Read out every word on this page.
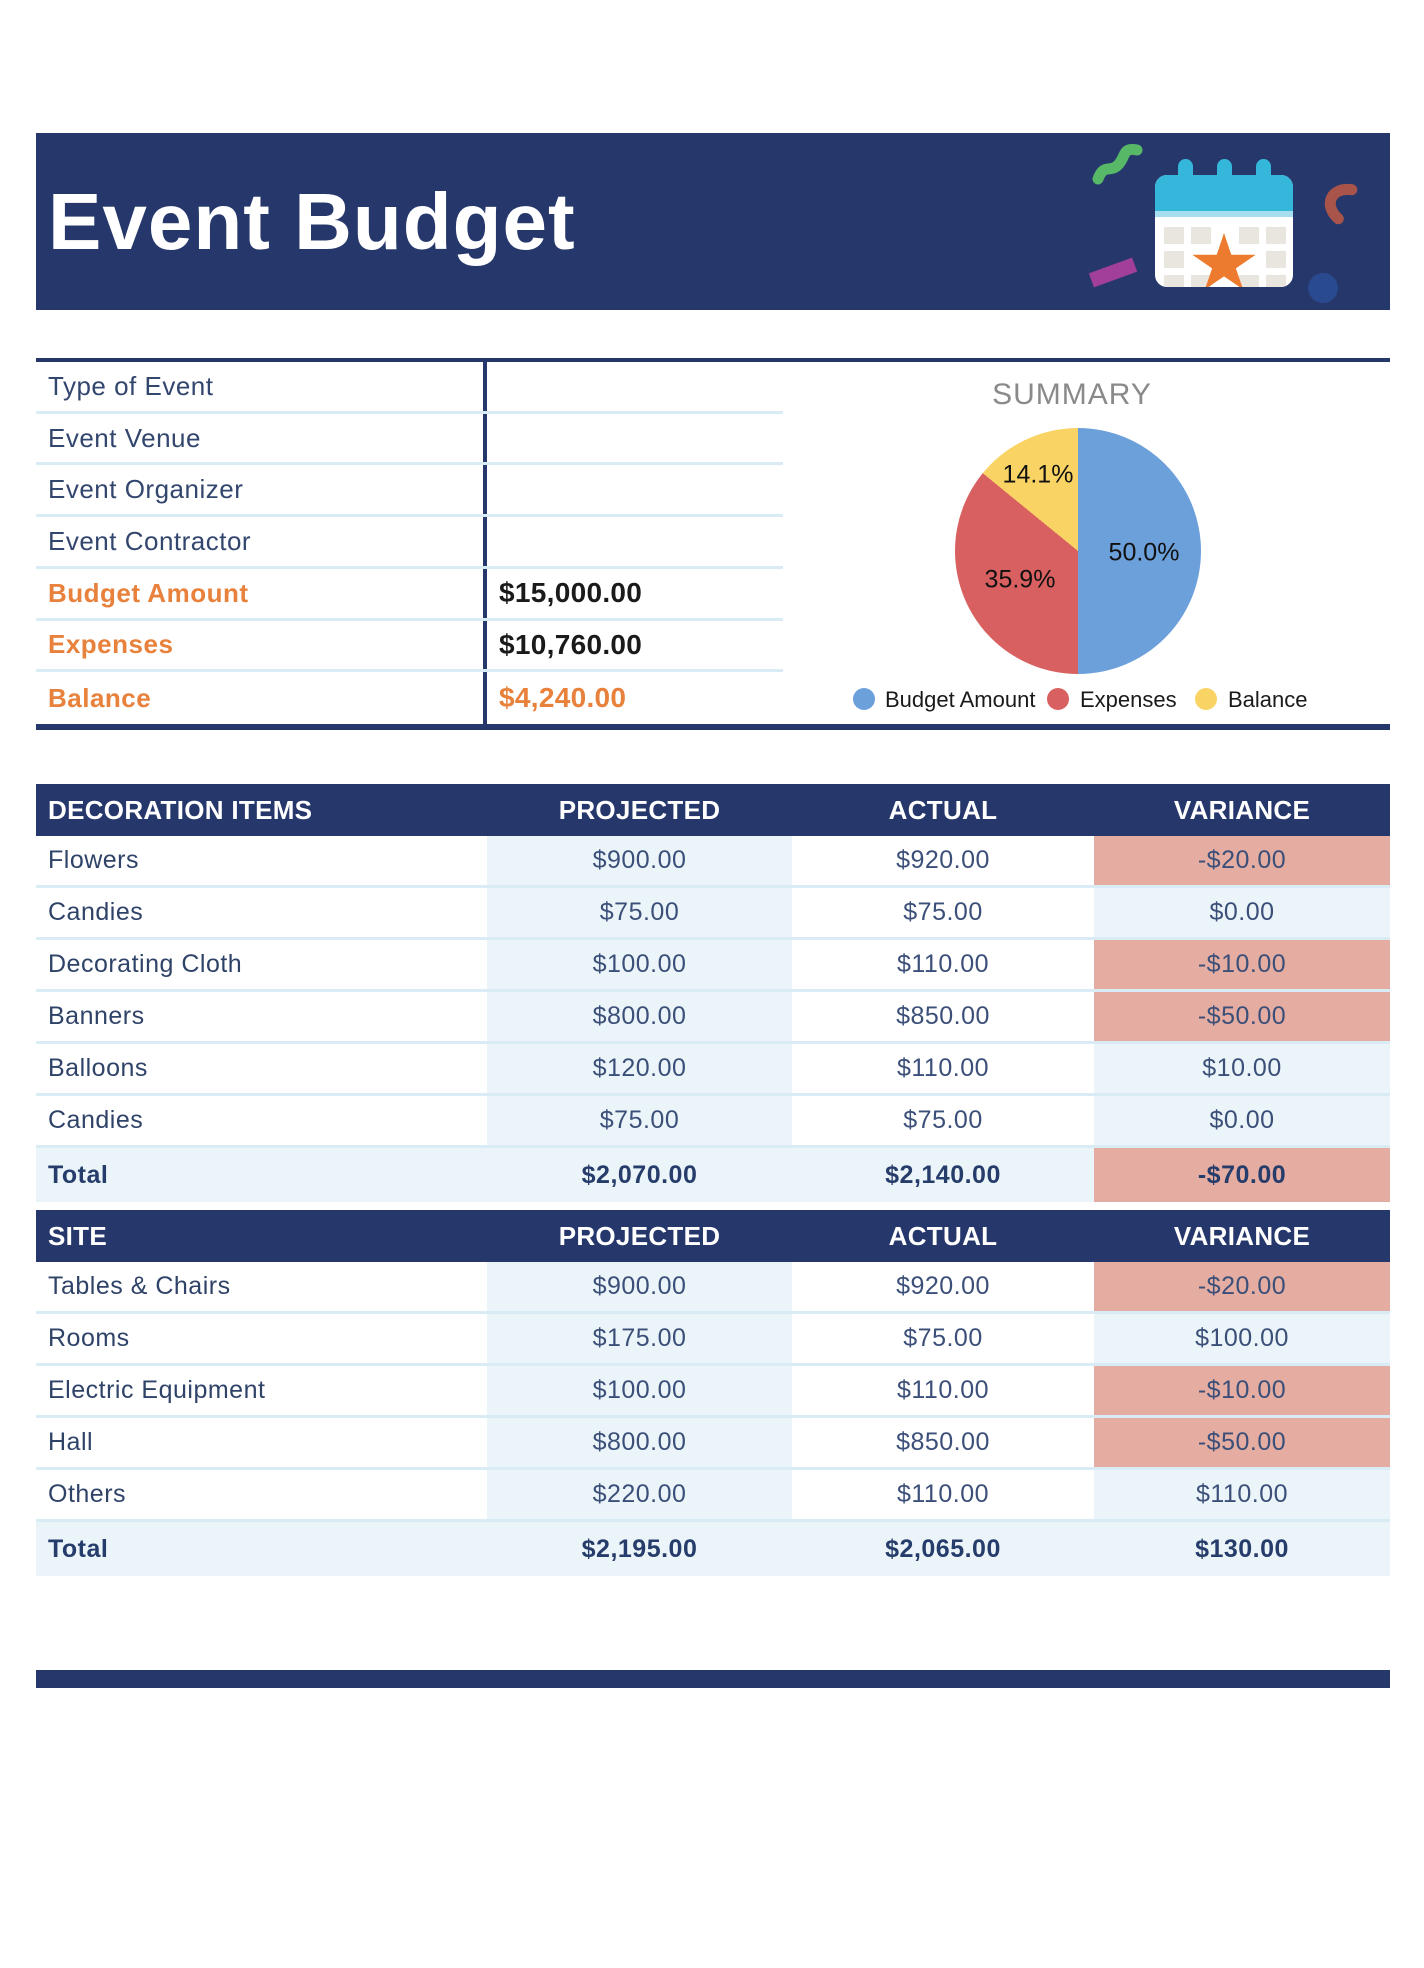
Event Budget
Type of Event
Event Venue
Event Organizer
Event Contractor
Budget Amount	$15,000.00
Expenses	$10,760.00
Balance	$4,240.00
SUMMARY
50.0%
35.9%
14.1%
Budget Amount Expenses Balance
DECORATION ITEMS	PROJECTED	ACTUAL	VARIANCE
Flowers	$900.00	$920.00	-$20.00
Candies	$75.00	$75.00	$0.00
Decorating Cloth	$100.00	$110.00	-$10.00
Banners	$800.00	$850.00	-$50.00
Balloons	$120.00	$110.00	$10.00
Candies	$75.00	$75.00	$0.00
Total	$2,070.00	$2,140.00	-$70.00
SITE	PROJECTED	ACTUAL	VARIANCE
Tables & Chairs	$900.00	$920.00	-$20.00
Rooms	$175.00	$75.00	$100.00
Electric Equipment	$100.00	$110.00	-$10.00
Hall	$800.00	$850.00	-$50.00
Others	$220.00	$110.00	$110.00
Total	$2,195.00	$2,065.00	$130.00
